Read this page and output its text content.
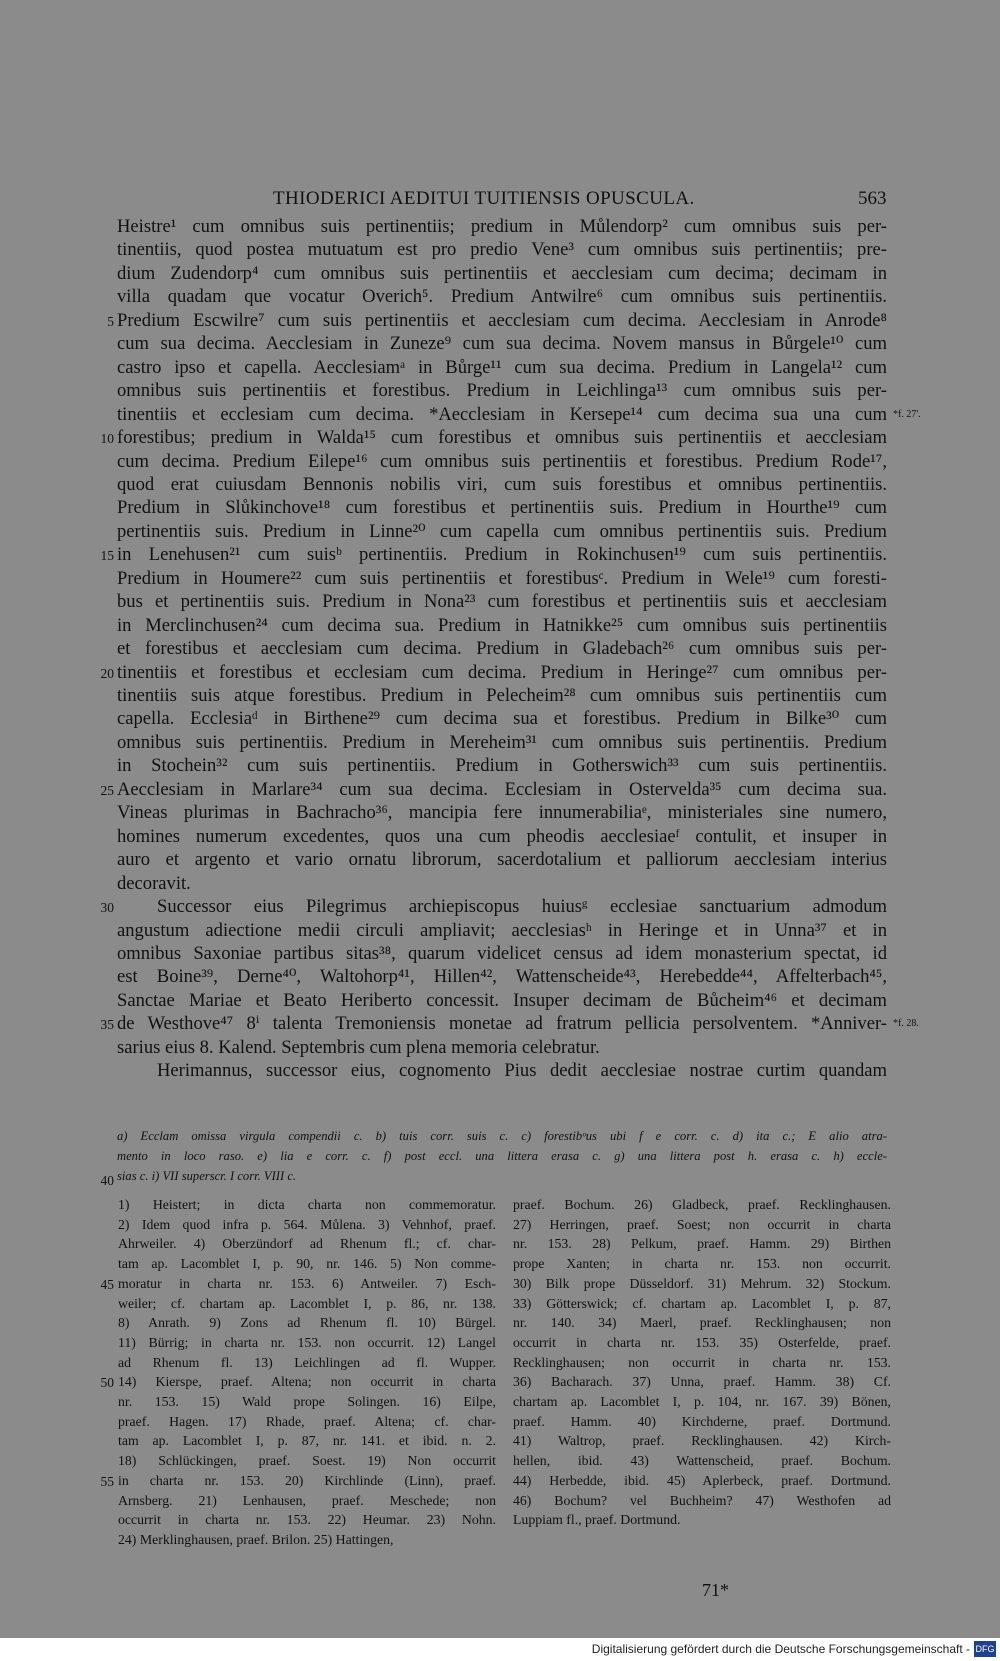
THIODERICI AEDITUI TUITIENSIS OPUSCULA.	563
Heistre¹ cum omnibus suis pertinentiis; predium in Můlendorp² cum omnibus suis per-
tinentiis, quod postea mutuatum est pro predio Vene³ cum omnibus suis pertinentiis; pre-
dium Zudendorp⁴ cum omnibus suis pertinentiis et aecclesiam cum decima; decimam in
villa quadam que vocatur Overich⁵. Predium Antwilre⁶ cum omnibus suis pertinentiis.
5 Predium Escwilre⁷ cum suis pertinentiis et aecclesiam cum decima. Aecclesiam in Anrode⁸
cum sua decima. Aecclesiam in Zuneze⁹ cum sua decima. Novem mansus in Bůrgele¹⁰ cum
castro ipso et capella. Aecclesiamᵃ in Bůrge¹¹ cum sua decima. Predium in Langela¹² cum
omnibus suis pertinentiis et forestibus. Predium in Leichlinga¹³ cum omnibus suis per-
tinentiis et ecclesiam cum decima. *Aecclesiam in Kersepe¹⁴ cum decima sua una cum *f. 27'.
10 forestibus; predium in Walda¹⁵ cum forestibus et omnibus suis pertinentiis et aecclesiam
cum decima. Predium Eilepe¹⁶ cum omnibus suis pertinentiis et forestibus. Predium Rode¹⁷,
quod erat cuiusdam Bennonis nobilis viri, cum suis forestibus et omnibus pertinentiis.
Predium in Slůkinchove¹⁸ cum forestibus et pertinentiis suis. Predium in Hourthe¹⁹ cum
pertinentiis suis. Predium in Linne²⁰ cum capella cum omnibus pertinentiis suis. Predium
15 in Lenehusen²¹ cum suisᵇ pertinentiis. Predium in Rokinchusen¹⁹ cum suis pertinentiis.
Predium in Houmere²² cum suis pertinentiis et forestibusᶜ. Predium in Wele¹⁹ cum foresti-
bus et pertinentiis suis. Predium in Nona²³ cum forestibus et pertinentiis suis et aecclesiam
in Merclinchusen²⁴ cum decima sua. Predium in Hatnikke²⁵ cum omnibus suis pertinentiis
et forestibus et aecclesiam cum decima. Predium in Gladebach²⁶ cum omnibus suis per-
20 tinentiis et forestibus et ecclesiam cum decima. Predium in Heringe²⁷ cum omnibus per-
tinentiis suis atque forestibus. Predium in Pelecheim²⁸ cum omnibus suis pertinentiis cum
capella. Ecclesiaᵈ in Birthene²⁹ cum decima sua et forestibus. Predium in Bilke³⁰ cum
omnibus suis pertinentiis. Predium in Mereheim³¹ cum omnibus suis pertinentiis. Predium
in Stochein³² cum suis pertinentiis. Predium in Gotherswich³³ cum suis pertinentiis.
25 Aecclesiam in Marlare³⁴ cum sua decima. Ecclesiam in Ostervelda³⁵ cum decima sua.
Vineas plurimas in Bachracho³⁶, mancipia fere innumerabiliaᵉ, ministeriales sine numero,
homines numerum excedentes, quos una cum pheodis aecclesiaeᶠ contulit, et insuper in
auro et argento et vario ornatu librorum, sacerdotalium et palliorum aecclesiam interius
decoravit.
30	Successor eius Pilegrimus archiepiscopus huiusᵍ ecclesiae sanctuarium admodum
angustum adiectione medii circuli ampliavit; aecclesiasʰ in Heringe et in Unna³⁷ et in
omnibus Saxoniae partibus sitas³⁸, quarum videlicet census ad idem monasterium spectat, id
est Boine³⁹, Derne⁴⁰, Waltohorp⁴¹, Hillen⁴², Wattenscheide⁴³, Herebedde⁴⁴, Affelterbach⁴⁵,
Sanctae Mariae et Beato Heriberto concessit. Insuper decimam de Bůcheim⁴⁶ et decimam
35 de Westhove⁴⁷ 8ⁱ talenta Tremoniensis monetae ad fratrum pellicia persolventem. *Anniver- *f. 28.
sarius eius 8. Kalend. Septembris cum plena memoria celebratur.
Herimannus, successor eius, cognomento Pius dedit aecclesiae nostrae curtim quandam
a) Ecclam omissa virgula compendii c. b) tuis corr. suis c. c) forestibᵒus ubi f e corr. c. d) ita c.; E alio atra-
mento in loco raso. e) lia e corr. c. f) post eccl. una littera erasa c. g) una littera post h. erasa c. h) eccle-
40 sias c. i) VII superscr. I corr. VIII c.
1) Heistert; in dicta charta non commemoratur.
2) Idem quod infra p. 564. Můlena. 3) Vehnhof, praef.
Ahrweiler. 4) Oberzündorf ad Rhenum fl.; cf. char-
tam ap. Lacomblet I, p. 90, nr. 146. 5) Non comme-
45 moratur in charta nr. 153. 6) Antweiler. 7) Esch-
weiler; cf. chartam ap. Lacomblet I, p. 86, nr. 138.
8) Anrath. 9) Zons ad Rhenum fl. 10) Bürgel.
11) Bürrig; in charta nr. 153. non occurrit. 12) Langel
ad Rhenum fl. 13) Leichlingen ad fl. Wupper.
50 14) Kierspe, praef. Altena; non occurrit in charta
nr. 153. 15) Wald prope Solingen. 16) Eilpe,
praef. Hagen. 17) Rhade, praef. Altena; cf. char-
tam ap. Lacomblet I, p. 87, nr. 141. et ibid. n. 2.
18) Schlückingen, praef. Soest. 19) Non occurrit
55 in charta nr. 153. 20) Kirchlinde (Linn), praef.
Arnsberg. 21) Lenhausen, praef. Meschede; non
occurrit in charta nr. 153. 22) Heumar. 23) Nohn.
24) Merklinghausen, praef. Brilon. 25) Hattingen,
praef. Bochum. 26) Gladbeck, praef. Recklinghausen.
27) Herringen, praef. Soest; non occurrit in charta
nr. 153. 28) Pelkum, praef. Hamm. 29) Birthen
prope Xanten; in charta nr. 153. non occurrit.
30) Bilk prope Düsseldorf. 31) Mehrum. 32) Stockum.
33) Götterswick; cf. chartam ap. Lacomblet I, p. 87,
nr. 140. 34) Maerl, praef. Recklinghausen; non
occurrit in charta nr. 153. 35) Osterfelde, praef.
Recklinghausen; non occurrit in charta nr. 153.
36) Bacharach. 37) Unna, praef. Hamm. 38) Cf.
chartam ap. Lacomblet I, p. 104, nr. 167. 39) Bönen,
praef. Hamm. 40) Kirchderne, praef. Dortmund.
41) Waltrop, praef. Recklinghausen. 42) Kirch-
hellen, ibid. 43) Wattenscheid, praef. Bochum.
44) Herbedde, ibid. 45) Aplerbeck, praef. Dortmund.
46) Bochum? vel Buchheim? 47) Westhofen ad
Luppiam fl., praef. Dortmund.
71*
Digitalisierung gefördert durch die Deutsche Forschungsgemeinschaft - DFG
